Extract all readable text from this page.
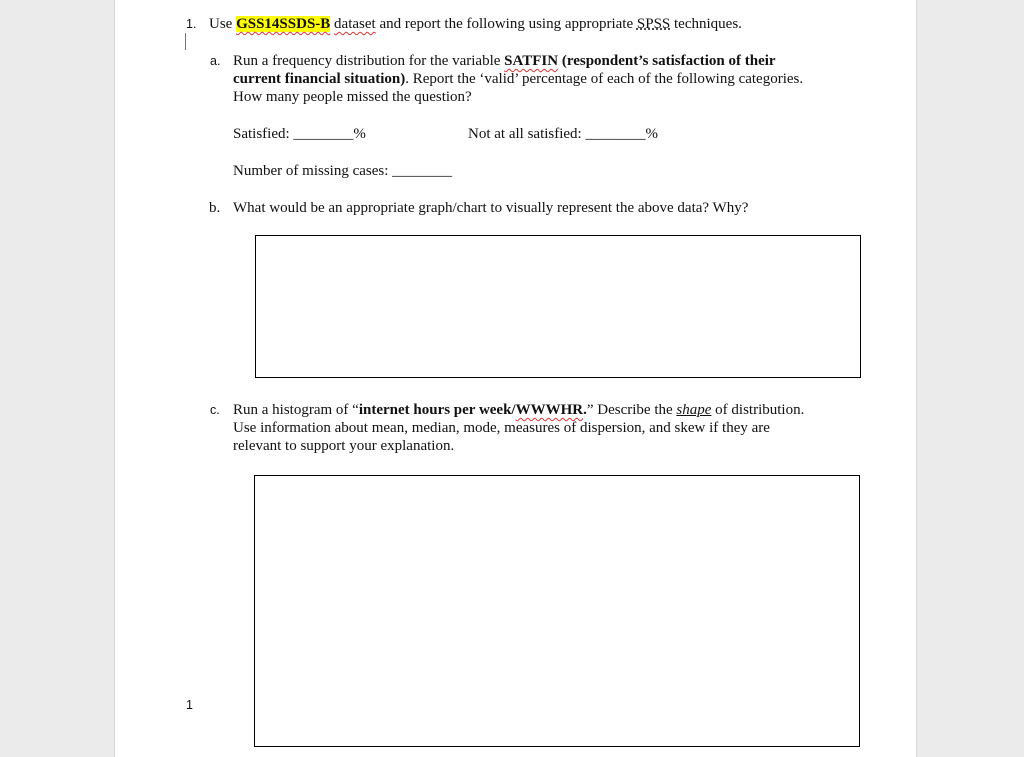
1. Use GSS14SSDS-B dataset and report the following using appropriate SPSS techniques.
a. Run a frequency distribution for the variable SATFIN (respondent’s satisfaction of their
current financial situation). Report the ‘valid’ percentage of each of the following categories.
How many people missed the question?
Satisfied: ________%	Not at all satisfied: ________%
Number of missing cases: ________
b. What would be an appropriate graph/chart to visually represent the above data? Why?
c. Run a histogram of “internet hours per week/WWWHR.” Describe the shape of distribution.
Use information about mean, median, mode, measures of dispersion, and skew if they are
relevant to support your explanation.
1
